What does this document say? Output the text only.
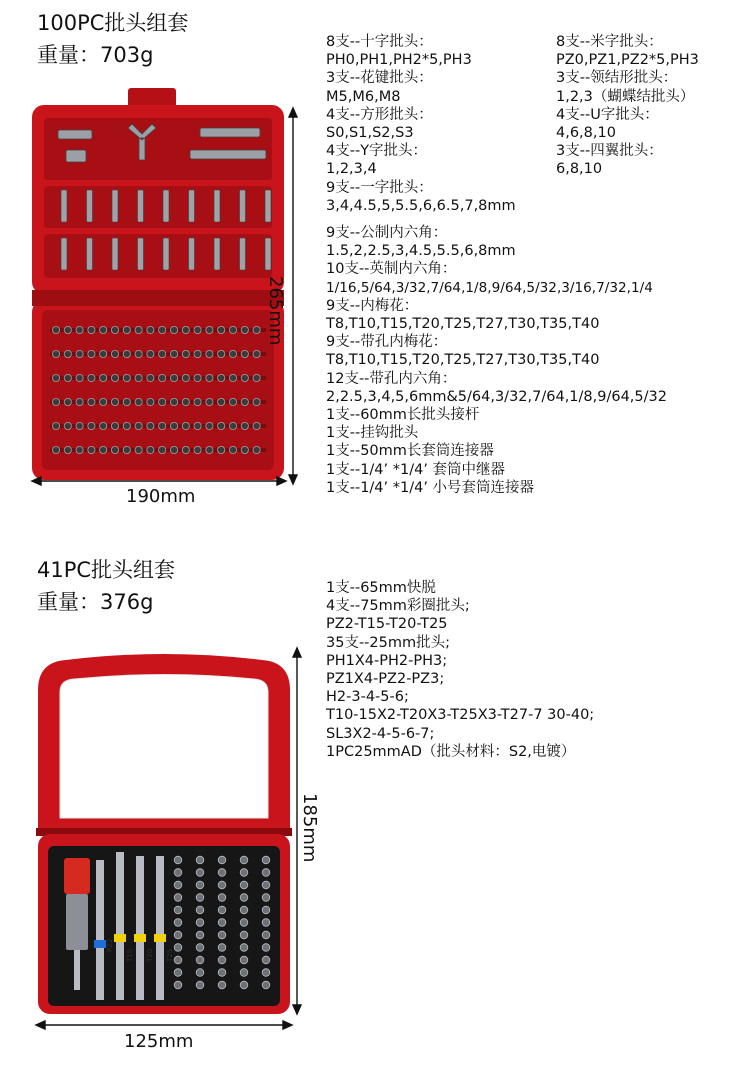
100PC批头组套
重量：703g
8支--十字批头：
PH0,PH1,PH2*5,PH3
3支--花键批头：
M5,M6,M8
4支--方形批头：
S0,S1,S2,S3
4支--Y字批头：
1,2,3,4
9支--一字批头：
3,4,4.5,5,5.5,6,6.5,7,8mm
8支--米字批头：
PZ0,PZ1,PZ2*5,PH3
3支--领结形批头：
1,2,3（蝴蝶结批头）
4支--U字批头：
4,6,8,10
3支--四翼批头：
6,8,10
9支--公制内六角：
1.5,2,2.5,3,4.5,5.5,6,8mm
10支--英制内六角：
1/16,5/64,3/32,7/64,1/8,9/64,5/32,3/16,7/32,1/4
9支--内梅花：
T8,T10,T15,T20,T25,T27,T30,T35,T40
9支--带孔内梅花：
T8,T10,T15,T20,T25,T27,T30,T35,T40
12支--带孔内六角：
2,2.5,3,4,5,6mm&5/64,3/32,7/64,1/8,9/64,5/32
1支--60mm长批头接杆
1支--挂钩批头
1支--50mm长套筒连接器
1支--1/4’ *1/4’ 套筒中继器
1支--1/4’ *1/4’ 小号套筒连接器
190mm
265mm
41PC批头组套
重量：376g
1支--65mm快脱
4支--75mm彩圈批头;
PZ2-T15-T20-T25
35支--25mm批头;
PH1X4-PH2-PH3;
PZ1X4-PZ2-PZ3;
H2-3-4-5-6;
T10-15X2-T20X3-T25X3-T27-7 30-40;
SL3X2-4-5-6-7;
1PC25mmAD（批头材料：S2,电镀）
PZ2
T15 T20 T25
125mm
185mm
